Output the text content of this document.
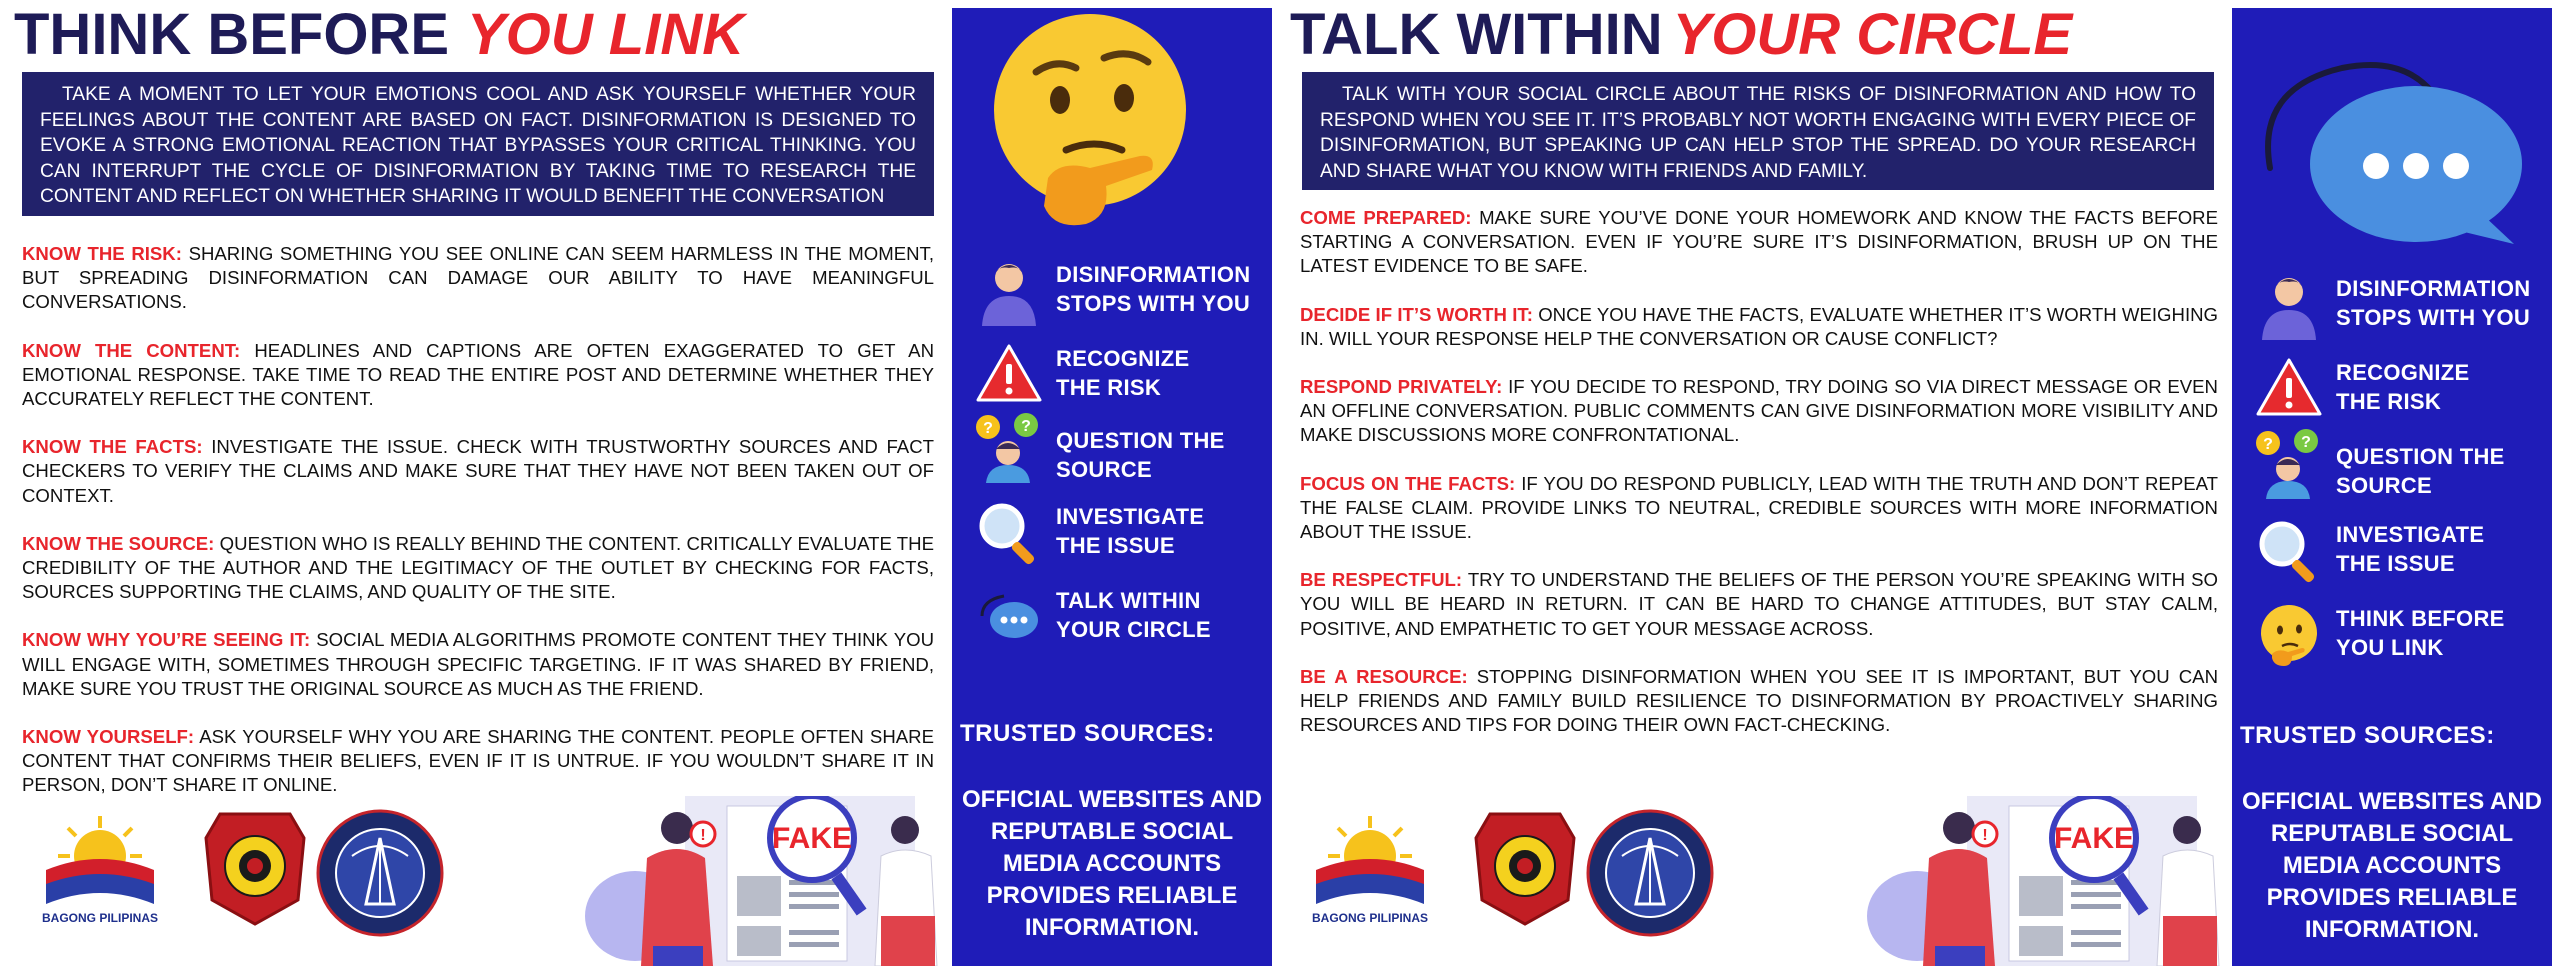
THINK BEFORE YOU LINK
TAKE A MOMENT TO LET YOUR EMOTIONS COOL AND ASK YOURSELF WHETHER YOUR FEELINGS ABOUT THE CONTENT ARE BASED ON FACT. DISINFORMATION IS DESIGNED TO EVOKE A STRONG EMOTIONAL REACTION THAT BYPASSES YOUR CRITICAL THINKING. YOU CAN INTERRUPT THE CYCLE OF DISINFORMATION BY TAKING TIME TO RESEARCH THE CONTENT AND REFLECT ON WHETHER SHARING IT WOULD BENEFIT THE CONVERSATION
KNOW THE RISK: SHARING SOMETHING YOU SEE ONLINE CAN SEEM HARMLESS IN THE MOMENT, BUT SPREADING DISINFORMATION CAN DAMAGE OUR ABILITY TO HAVE MEANINGFUL CONVERSATIONS.
KNOW THE CONTENT: HEADLINES AND CAPTIONS ARE OFTEN EXAGGERATED TO GET AN EMOTIONAL RESPONSE. TAKE TIME TO READ THE ENTIRE POST AND DETERMINE WHETHER THEY ACCURATELY REFLECT THE CONTENT.
KNOW THE FACTS: INVESTIGATE THE ISSUE. CHECK WITH TRUSTWORTHY SOURCES AND FACT CHECKERS TO VERIFY THE CLAIMS AND MAKE SURE THAT THEY HAVE NOT BEEN TAKEN OUT OF CONTEXT.
KNOW THE SOURCE: QUESTION WHO IS REALLY BEHIND THE CONTENT. CRITICALLY EVALUATE THE CREDIBILITY OF THE AUTHOR AND THE LEGITIMACY OF THE OUTLET BY CHECKING FOR FACTS, SOURCES SUPPORTING THE CLAIMS, AND QUALITY OF THE SITE.
KNOW WHY YOU’RE SEEING IT: SOCIAL MEDIA ALGORITHMS PROMOTE CONTENT THEY THINK YOU WILL ENGAGE WITH, SOMETIMES THROUGH SPECIFIC TARGETING. IF IT WAS SHARED BY FRIEND, MAKE SURE YOU TRUST THE ORIGINAL SOURCE AS MUCH AS THE FRIEND.
KNOW YOURSELF: ASK YOURSELF WHY YOU ARE SHARING THE CONTENT. PEOPLE OFTEN SHARE CONTENT THAT CONFIRMS THEIR BELIEFS, EVEN IF IT IS UNTRUE. IF YOU WOULDN’T SHARE IT IN PERSON, DON’T SHARE IT ONLINE.
BAGONG PILIPINAS
FAKE
!
DISINFORMATION
STOPS WITH YOU
RECOGNIZE
THE RISK
? ?
QUESTION THE
SOURCE
INVESTIGATE
THE ISSUE
TALK WITHIN
YOUR CIRCLE
TRUSTED SOURCES:
OFFICIAL WEBSITES AND REPUTABLE SOCIAL MEDIA ACCOUNTS PROVIDES RELIABLE INFORMATION.
TALK WITHIN YOUR CIRCLE
TALK WITH YOUR SOCIAL CIRCLE ABOUT THE RISKS OF DISINFORMATION AND HOW TO RESPOND WHEN YOU SEE IT. IT’S PROBABLY NOT WORTH ENGAGING WITH EVERY PIECE OF DISINFORMATION, BUT SPEAKING UP CAN HELP STOP THE SPREAD. DO YOUR RESEARCH AND SHARE WHAT YOU KNOW WITH FRIENDS AND FAMILY.
COME PREPARED: MAKE SURE YOU’VE DONE YOUR HOMEWORK AND KNOW THE FACTS BEFORE STARTING A CONVERSATION. EVEN IF YOU’RE SURE IT’S DISINFORMATION, BRUSH UP ON THE LATEST EVIDENCE TO BE SAFE.
DECIDE IF IT’S WORTH IT: ONCE YOU HAVE THE FACTS, EVALUATE WHETHER IT’S WORTH WEIGHING IN. WILL YOUR RESPONSE HELP THE CONVERSATION OR CAUSE CONFLICT?
RESPOND PRIVATELY: IF YOU DECIDE TO RESPOND, TRY DOING SO VIA DIRECT MESSAGE OR EVEN AN OFFLINE CONVERSATION. PUBLIC COMMENTS CAN GIVE DISINFORMATION MORE VISIBILITY AND MAKE DISCUSSIONS MORE CONFRONTATIONAL.
FOCUS ON THE FACTS: IF YOU DO RESPOND PUBLICLY, LEAD WITH THE TRUTH AND DON’T REPEAT THE FALSE CLAIM. PROVIDE LINKS TO NEUTRAL, CREDIBLE SOURCES WITH MORE INFORMATION ABOUT THE ISSUE.
BE RESPECTFUL: TRY TO UNDERSTAND THE BELIEFS OF THE PERSON YOU’RE SPEAKING WITH SO YOU WILL BE HEARD IN RETURN. IT CAN BE HARD TO CHANGE ATTITUDES, BUT STAY CALM, POSITIVE, AND EMPATHETIC TO GET YOUR MESSAGE ACROSS.
BE A RESOURCE: STOPPING DISINFORMATION WHEN YOU SEE IT IS IMPORTANT, BUT YOU CAN HELP FRIENDS AND FAMILY BUILD RESILIENCE TO DISINFORMATION BY PROACTIVELY SHARING RESOURCES AND TIPS FOR DOING THEIR OWN FACT-CHECKING.
BAGONG PILIPINAS
FAKE
!
DISINFORMATION
STOPS WITH YOU
RECOGNIZE
THE RISK
? ?
QUESTION THE
SOURCE
INVESTIGATE
THE ISSUE
THINK BEFORE
YOU LINK
TRUSTED SOURCES:
OFFICIAL WEBSITES AND REPUTABLE SOCIAL MEDIA ACCOUNTS PROVIDES RELIABLE INFORMATION.
